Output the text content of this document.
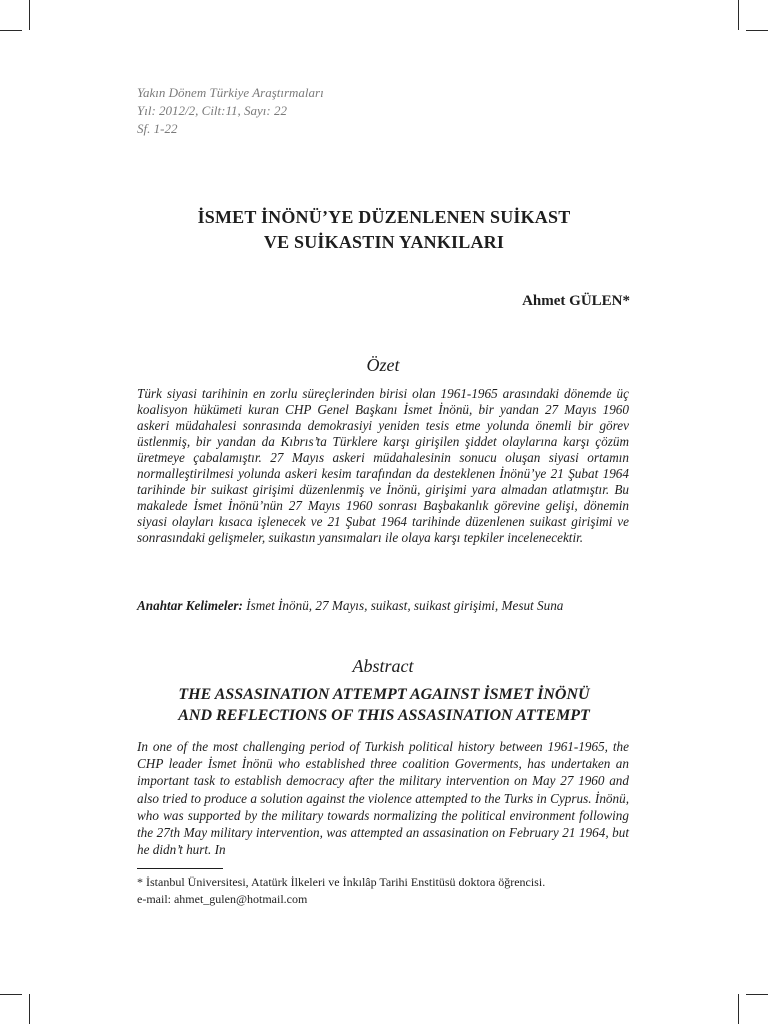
Yakın Dönem Türkiye Araştırmaları
Yıl: 2012/2, Cilt:11, Sayı: 22
Sf. 1-22
İSMET İNÖNÜ’YE DÜZENLENEN SUİKAST
VE SUİKASTIN YANKILARI
Ahmet GÜLEN*
Özet
Türk siyasi tarihinin en zorlu süreçlerinden birisi olan 1961-1965 arasındaki dönemde üç koalisyon hükümeti kuran CHP Genel Başkanı İsmet İnönü, bir yandan 27 Mayıs 1960 askeri müdahalesi sonrasında demokrasiyi yeniden tesis etme yolunda önemli bir görev üstlenmiş, bir yandan da Kıbrıs’ta Türklere karşı girişilen şiddet olaylarına karşı çözüm üretmeye çabalamıştır. 27 Mayıs askeri müdahalesinin sonucu oluşan siyasi ortamın normalleştirilmesi yolunda askeri kesim tarafından da desteklenen İnönü’ye 21 Şubat 1964 tarihinde bir suikast girişimi düzenlenmiş ve İnönü, girişimi yara almadan atlatmıştır. Bu makalede İsmet İnönü’nün 27 Mayıs 1960 sonrası Başbakanlık görevine gelişi, dönemin siyasi olayları kısaca işlenecek ve 21 Şubat 1964 tarihinde düzenlenen suikast girişimi ve sonrasındaki gelişmeler, suikastın yansımaları ile olaya karşı tepkiler incelenecektir.
Anahtar Kelimeler: İsmet İnönü, 27 Mayıs, suikast, suikast girişimi, Mesut Suna
Abstract
THE ASSASINATION ATTEMPT AGAINST İSMET İNÖNÜ
AND REFLECTIONS OF THIS ASSASINATION ATTEMPT
In one of the most challenging period of Turkish political history between 1961-1965, the CHP leader İsmet İnönü who established three coalition Goverments, has undertaken an important task to establish democracy after the military intervention on May 27 1960 and also tried to produce a solution against the violence attempted to the Turks in Cyprus. İnönü, who was supported by the military towards normalizing the political environment following the 27th May military intervention, was attempted an assasination on February 21 1964, but he didn’t hurt. In
* İstanbul Üniversitesi, Atatürk İlkeleri ve İnkılâp Tarihi Enstitüsü doktora öğrencisi.
e-mail: ahmet_gulen@hotmail.com
